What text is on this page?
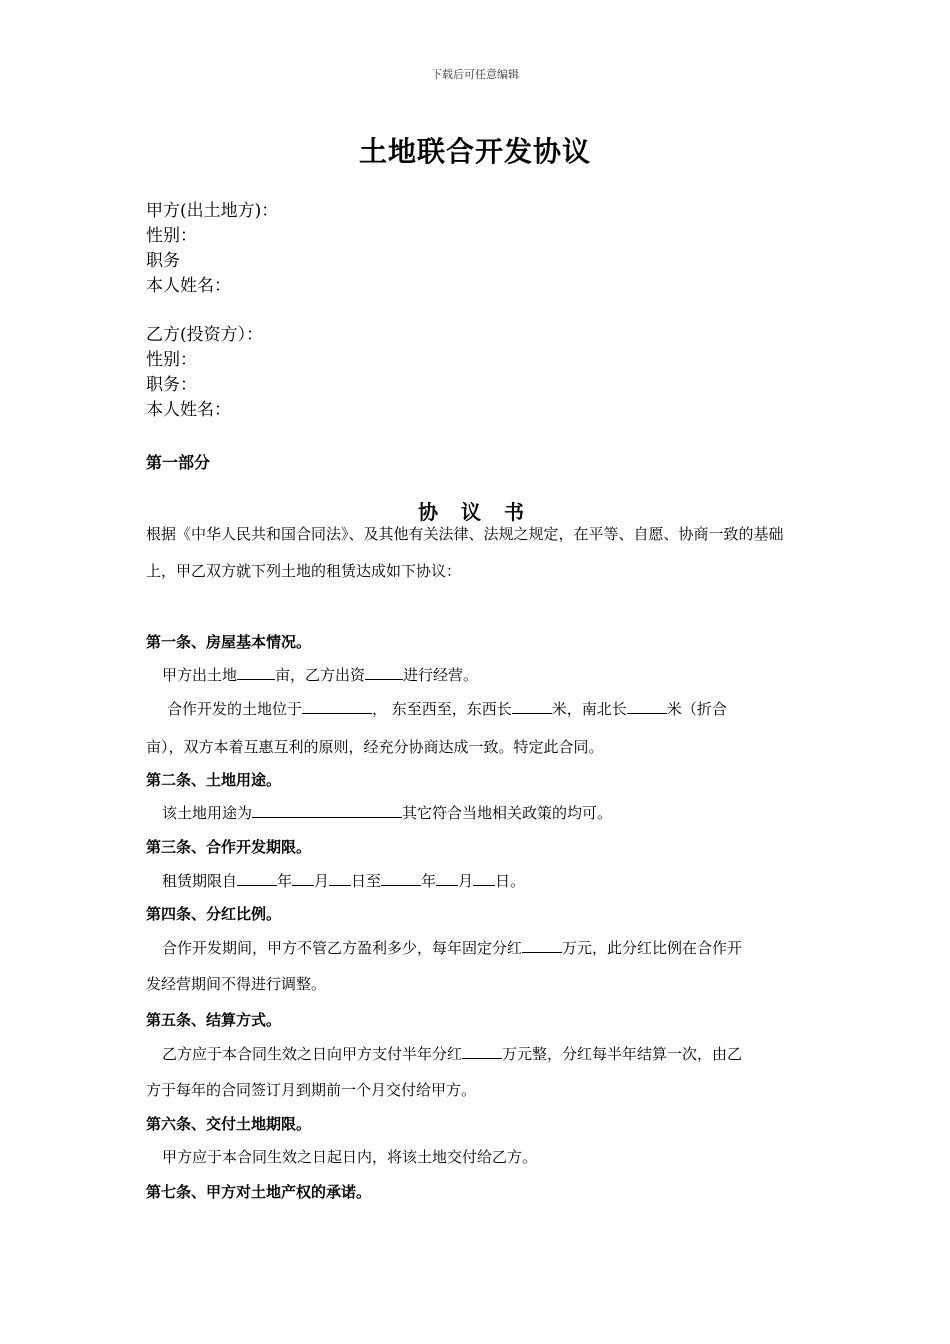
下载后可任意编辑
土地联合开发协议
甲方(出土地方)：
性别：
职务
本人姓名：
乙方(投资方）：
性别：
职务：
本人姓名：
第一部分
协 议 书
根据《中华人民共和国合同法》、及其他有关法律、法规之规定，在平等、自愿、协商一致的基础 上，甲乙双方就下列土地的租赁达成如下协议：
第一条、房屋基本情况。
甲方出土地	亩，乙方出资	进行经营。
合作开发的土地位于	， 东至西至，东西长	米，南北长	米（折合
亩），双方本着互惠互利的原则，经充分协商达成一致。特定此合同。
第二条、土地用途。
该土地用途为	其它符合当地相关政策的均可。
第三条、合作开发期限。
租赁期限自	年 月 日至	年 月 日。
第四条、分红比例。
合作开发期间，甲方不管乙方盈利多少，每年固定分红	万元，此分红比例在合作开
发经营期间不得进行调整。
第五条、结算方式。
乙方应于本合同生效之日向甲方支付半年分红	万元整，分红每半年结算一次，由乙
方于每年的合同签订月到期前一个月交付给甲方。
第六条、交付土地期限。
甲方应于本合同生效之日起日内，将该土地交付给乙方。
第七条、甲方对土地产权的承诺。
